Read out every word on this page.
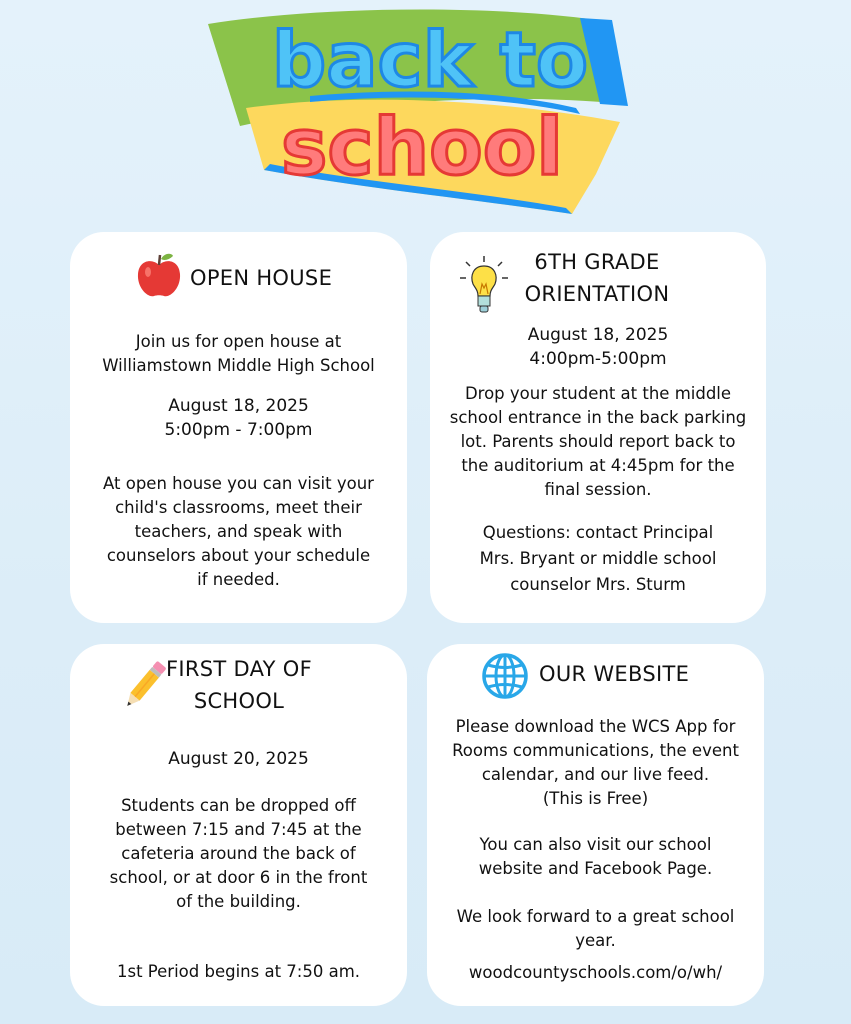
back to
school
OPEN HOUSE
Join us for open house at
Williamstown Middle High School
August 18, 2025
5:00pm - 7:00pm
At open house you can visit your
child's classrooms, meet their
teachers, and speak with
counselors about your schedule
if needed.
6TH GRADE
ORIENTATION
August 18, 2025
4:00pm-5:00pm
Drop your student at the middle
school entrance in the back parking
lot. Parents should report back to
the auditorium at 4:45pm for the
final session.
Questions: contact Principal
Mrs. Bryant or middle school
counselor Mrs. Sturm
FIRST DAY OF
SCHOOL
August 20, 2025
Students can be dropped off
between 7:15 and 7:45 at the
cafeteria around the back of
school, or at door 6 in the front
of the building.
1st Period begins at 7:50 am.
OUR WEBSITE
Please download the WCS App for
Rooms communications, the event
calendar, and our live feed.
(This is Free)
You can also visit our school
website and Facebook Page.
We look forward to a great school
year.
woodcountyschools.com/o/wh/
